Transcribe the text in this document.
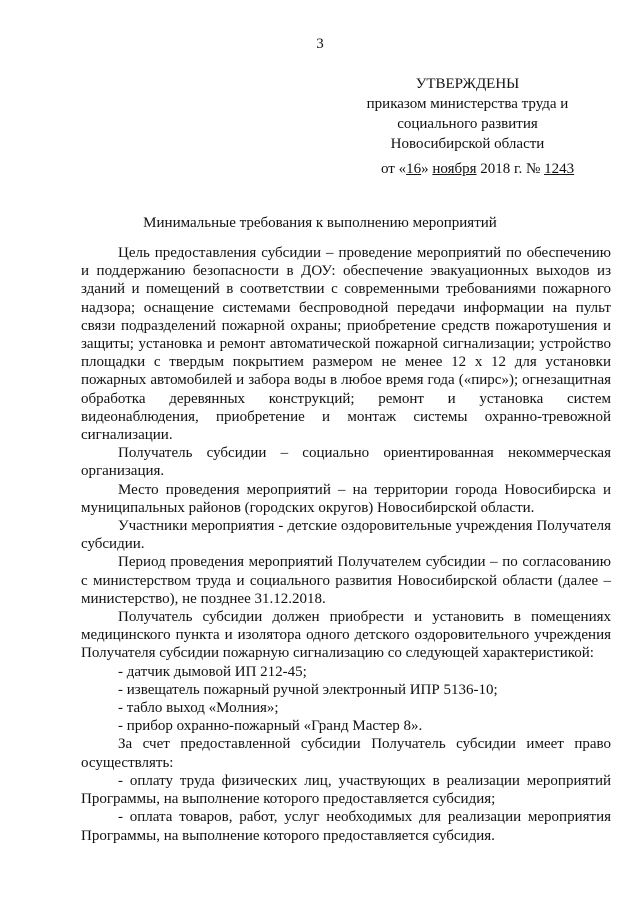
3
УТВЕРЖДЕНЫ
приказом министерства труда и
социального развития
Новосибирской области
от «16» ноября 2018 г. № 1243
Минимальные требования к выполнению мероприятий

Цель предоставления субсидии – проведение мероприятий по обеспечению и поддержанию безопасности в ДОУ: обеспечение эвакуационных выходов из зданий и помещений в соответствии с современными требованиями пожарного надзора; оснащение системами беспроводной передачи информации на пульт связи подразделений пожарной охраны; приобретение средств пожаротушения и защиты; установка и ремонт автоматической пожарной сигнализации; устройство площадки с твердым покрытием размером не менее 12 х 12 для установки пожарных автомобилей и забора воды в любое время года («пирс»); огнезащитная обработка деревянных конструкций; ремонт и установка систем видеонаблюдения, приобретение и монтаж системы охранно-тревожной сигнализации.

Получатель субсидии – социально ориентированная некоммерческая организация.

Место проведения мероприятий – на территории города Новосибирска и муниципальных районов (городских округов) Новосибирской области.

Участники мероприятия - детские оздоровительные учреждения Получателя субсидии.

Период проведения мероприятий Получателем субсидии – по согласованию с министерством труда и социального развития Новосибирской области (далее – министерство), не позднее 31.12.2018.

Получатель субсидии должен приобрести и установить в помещениях медицинского пункта и изолятора одного детского оздоровительного учреждения Получателя субсидии пожарную сигнализацию со следующей характеристикой:

- датчик дымовой ИП 212-45;

- извещатель пожарный ручной электронный ИПР 5136-10;

- табло выход «Молния»;

- прибор охранно-пожарный «Гранд Мастер 8».

За счет предоставленной субсидии Получатель субсидии имеет право осуществлять:

- оплату труда физических лиц, участвующих в реализации мероприятий Программы, на выполнение которого предоставляется субсидия;

- оплата товаров, работ, услуг необходимых для реализации мероприятия Программы, на выполнение которого предоставляется субсидия.
